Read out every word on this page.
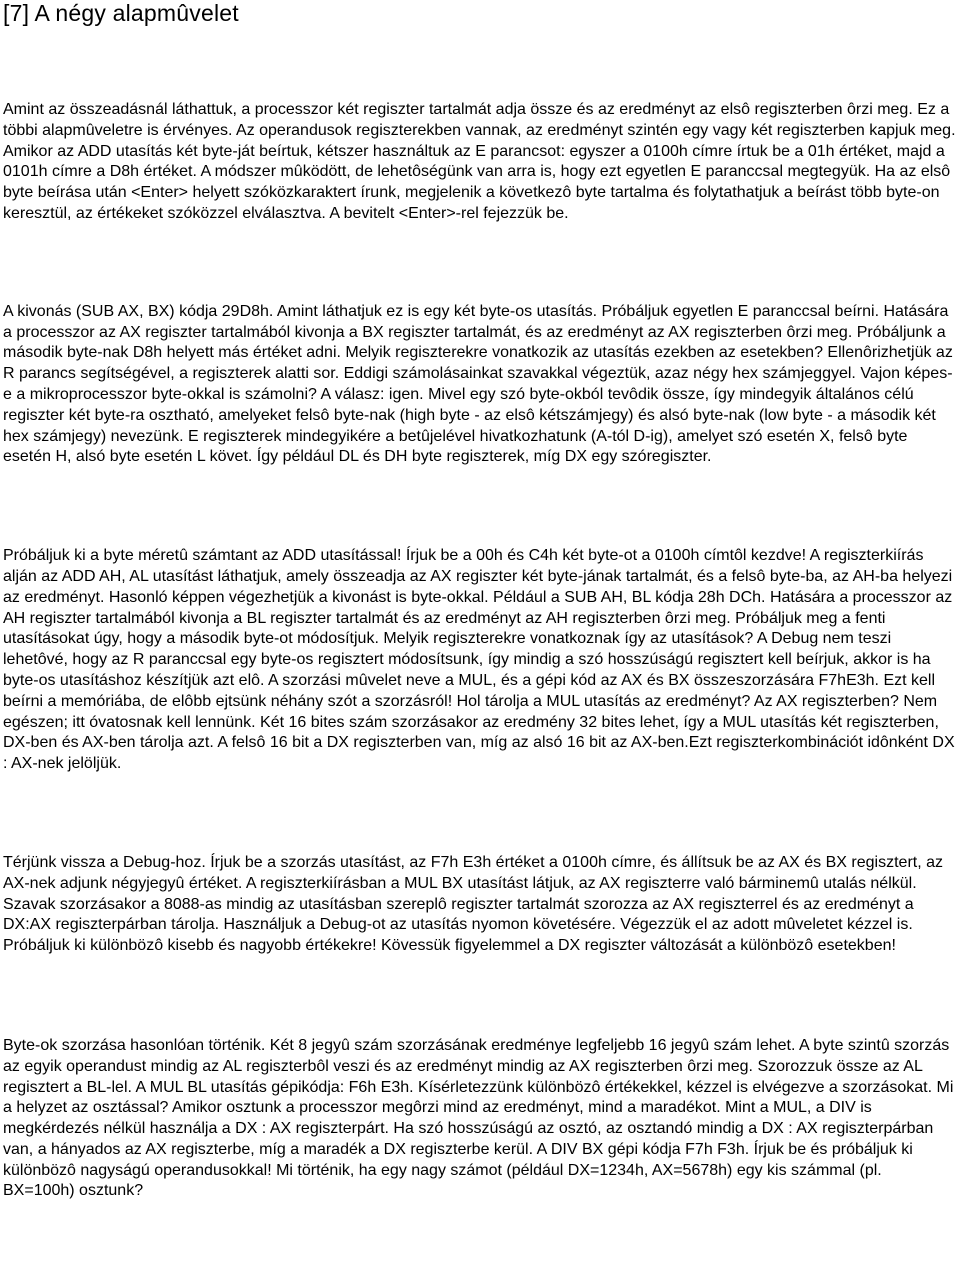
[7] A négy alapmûvelet

Amint az összeadásnál láthattuk, a processzor két regiszter tartalmát adja össze és az eredményt az elsô regiszterben ôrzi meg. Ez a többi alapmûveletre is érvényes. Az operandusok regiszterekben vannak, az eredményt szintén egy vagy két regiszterben kapjuk meg. Amikor az ADD utasítás két byte-ját beírtuk, kétszer használtuk az E parancsot: egyszer a 0100h címre írtuk be a 01h értéket, majd a 0101h címre a D8h értéket. A módszer mûködött, de lehetôségünk van arra is, hogy ezt egyetlen E paranccsal megtegyük. Ha az elsô byte beírása után <Enter> helyett szóközkaraktert írunk, megjelenik a következô byte tartalma és folytathatjuk a beírást több byte-on keresztül, az értékeket szóközzel elválasztva. A bevitelt <Enter>-rel fejezzük be.

A kivonás (SUB AX, BX) kódja 29D8h. Amint láthatjuk ez is egy két byte-os utasítás. Próbáljuk egyetlen E paranccsal beírni. Hatására a processzor az AX regiszter tartalmából kivonja a BX regiszter tartalmát, és az eredményt az AX regiszterben ôrzi meg. Próbáljunk a második byte-nak D8h helyett más értéket adni. Melyik regiszterekre vonatkozik az utasítás ezekben az esetekben? Ellenôrizhetjük az R parancs segítségével, a regiszterek alatti sor. Eddigi számolásainkat szavakkal végeztük, azaz négy hex számjeggyel. Vajon képes-e a mikroprocesszor byte-okkal is számolni? A válasz: igen. Mivel egy szó byte-okból tevôdik össze, így mindegyik általános célú regiszter két byte-ra osztható, amelyeket felsô byte-nak (high byte - az elsô kétszámjegy) és alsó byte-nak (low byte - a második két hex számjegy) nevezünk. E regiszterek mindegyikére a betûjelével hivatkozhatunk (A-tól D-ig), amelyet szó esetén X, felsô byte esetén H, alsó byte esetén L követ. Így például DL és DH byte regiszterek, míg DX egy szóregiszter.

Próbáljuk ki a byte méretû számtant az ADD utasítással! Írjuk be a 00h és C4h két byte-ot a 0100h címtôl kezdve! A regiszterkiírás alján az ADD AH, AL utasítást láthatjuk, amely összeadja az AX regiszter két byte-jának tartalmát, és a felsô byte-ba, az AH-ba helyezi az eredményt. Hasonló képpen végezhetjük a kivonást is byte-okkal. Például a SUB AH, BL kódja 28h DCh. Hatására a processzor az AH regiszter tartalmából kivonja a BL regiszter tartalmát és az eredményt az AH regiszterben ôrzi meg. Próbáljuk meg a fenti utasításokat úgy, hogy a második byte-ot módosítjuk. Melyik regiszterekre vonatkoznak így az utasítások? A Debug nem teszi lehetôvé, hogy az R paranccsal egy byte-os regisztert módosítsunk, így mindig a szó hosszúságú regisztert kell beírjuk, akkor is ha byte-os utasításhoz készítjük azt elô. A szorzási mûvelet neve a MUL, és a gépi kód az AX és BX összeszorzására F7hE3h. Ezt kell beírni a memóriába, de elôbb ejtsünk néhány szót a szorzásról! Hol tárolja a MUL utasítás az eredményt? Az AX regiszterben? Nem egészen; itt óvatosnak kell lennünk. Két 16 bites szám szorzásakor az eredmény 32 bites lehet, így a MUL utasítás két regiszterben, DX-ben és AX-ben tárolja azt. A felsô 16 bit a DX regiszterben van, míg az alsó 16 bit az AX-ben.Ezt regiszterkombinációt idônként DX : AX-nek jelöljük.

Térjünk vissza a Debug-hoz. Írjuk be a szorzás utasítást, az F7h E3h értéket a 0100h címre, és állítsuk be az AX és BX regisztert, az AX-nek adjunk négyjegyû értéket. A regiszterkiírásban a MUL BX utasítást látjuk, az AX regiszterre való bárminemû utalás nélkül. Szavak szorzásakor a 8088-as mindig az utasításban szereplô regiszter tartalmát szorozza az AX regiszterrel és az eredményt a DX:AX regiszterpárban tárolja. Használjuk a Debug-ot az utasítás nyomon követésére. Végezzük el az adott mûveletet kézzel is. Próbáljuk ki különbözô kisebb és nagyobb értékekre! Kövessük figyelemmel a DX regiszter változását a különbözô esetekben!

Byte-ok szorzása hasonlóan történik. Két 8 jegyû szám szorzásának eredménye legfeljebb 16 jegyû szám lehet. A byte szintû szorzás az egyik operandust mindig az AL regiszterbôl veszi és az eredményt mindig az AX regiszterben ôrzi meg. Szorozzuk össze az AL regisztert a BL-lel. A MUL BL utasítás gépikódja: F6h E3h. Kísérletezzünk különbözô értékekkel, kézzel is elvégezve a szorzásokat. Mi a helyzet az osztással? Amikor osztunk a processzor megôrzi mind az eredményt, mind a maradékot. Mint a MUL, a DIV is megkérdezés nélkül használja a DX : AX regiszterpárt. Ha szó hosszúságú az osztó, az osztandó mindig a DX : AX regiszterpárban van, a hányados az AX regiszterbe, míg a maradék a DX regiszterbe kerül. A DIV BX gépi kódja F7h F3h. Írjuk be és próbáljuk ki különbözô nagyságú operandusokkal! Mi történik, ha egy nagy számot (például DX=1234h, AX=5678h) egy kis számmal (pl. BX=100h) osztunk?
